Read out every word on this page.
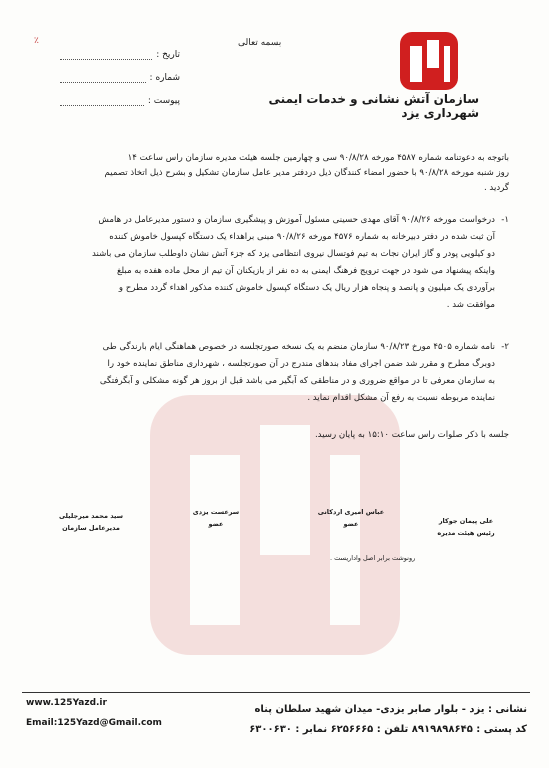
٪	بسمه تعالی
تاریخ :
شماره :
پیوست :	سازمان آتش نشانی و خدمات ایمنی
شهرداری یزد
باتوجه به دعوتنامه شماره ۴۵۸۷ مورخه ۹۰/۸/۲۸ سی و چهارمین جلسه هیئت مدیره سازمان راس ساعت ۱۴
روز شنبه مورخه ۹۰/۸/۲۸ با حضور امضاء کنندگان ذیل دردفتر مدیر عامل سازمان تشکیل و بشرح ذیل اتخاذ تصمیم
گردید .
۱-
درخواست مورخه ۹۰/۸/۲۶ آقای مهدی حسینی مسئول آموزش و پیشگیری سازمان و دستور مدیرعامل در هامش
آن ثبت شده در دفتر دبیرخانه به شماره ۴۵۷۶ مورخه ۹۰/۸/۲۶ مبنی براهداء یک دستگاه کپسول خاموش کننده
دو کیلویی پودر و گاز ایران نجات به تیم فوتسال نیروی انتظامی یزد که جزء آتش نشان داوطلب سازمان می باشند
واینکه پیشنهاد می شود در جهت ترویج فرهنگ ایمنی به ده نفر از بازیکنان آن تیم از محل ماده هفده به مبلغ
برآوردی یک میلیون و پانصد و پنجاه هزار ریال یک دستگاه کپسول خاموش کننده مذکور اهداء گردد مطرح و
موافقت شد .
۲-
نامه شماره ۴۵۰۵ مورخ ۹۰/۸/۲۳ سازمان منضم به یک نسخه صورتجلسه در خصوص هماهنگی ایام بارندگی طی
دوبرگ مطرح و مقرر شد ضمن اجرای مفاد بندهای مندرج در آن صورتجلسه ، شهرداری مناطق نماینده خود را
به سازمان معرفی تا در مواقع ضروری و در مناطقی که آبگیر می باشد قبل از بروز هر گونه مشکلی و آبگرفتگی
نماینده مربوطه نسبت به رفع آن مشکل اقدام نماید .
جلسه با ذکر صلوات راس ساعت ۱۵:۱۰ به پایان رسید.
علی پیمان جوکار
رئیس هیئت مدیره
عباس امیری اردکانی
عضو
سرعست یزدی
عضو
سید محمد میرجلیلی
مدیرعامل سازمان
رونوشت برابر اصل واداریست .
www.125Yazd.ir
Email:125Yazd@Gmail.com
نشانی : یزد - بلوار صابر یزدی- میدان شهید سلطان پناه
کد پستی : ۸۹۱۹۸۹۸۶۴۵ تلفن : ۶۲۵۶۶۶۵ نمابر : ۶۳۰۰۶۳۰
